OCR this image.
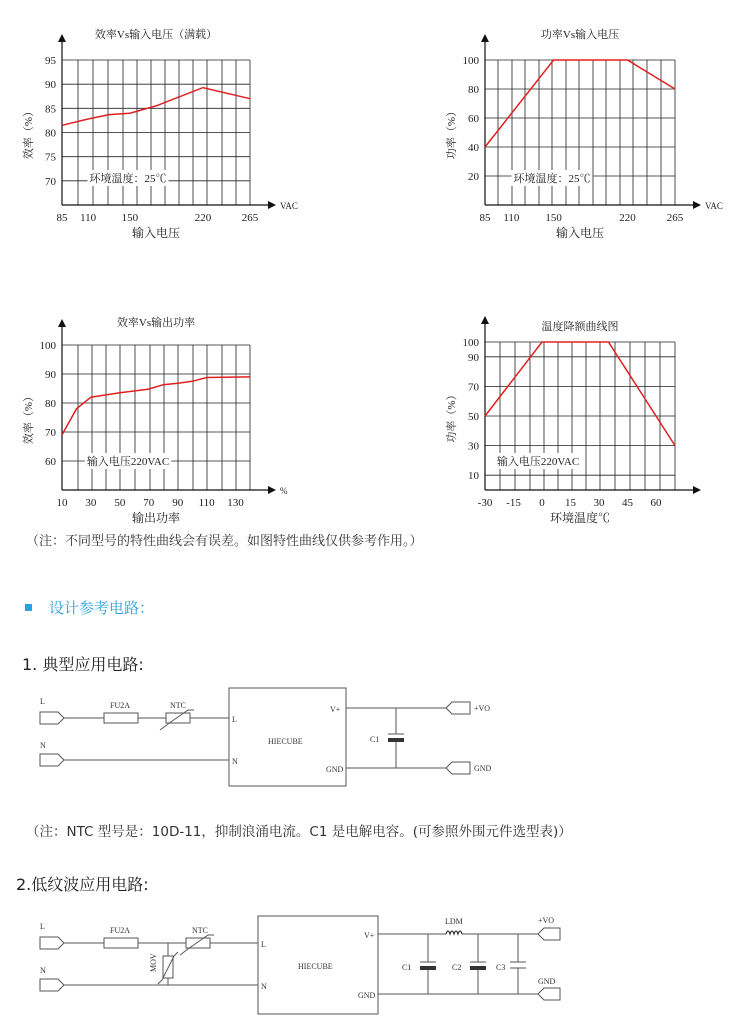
效率Vs输入电压（满载）
70
75
80
85
90
95
85 110 150	220	265
VAC
输入电压
效率（%）
环境温度：25℃
功率Vs输入电压
20
40
60
80
100
85 110 150	220	265
VAC
输入电压
功率（%）
环境温度：25℃
效率Vs输出功率
60
70
80
90
100
10 30 50 70 90 110 130
%
输出功率
效率（%）
输入电压220VAC
温度降额曲线图
10
30
50
70
90
100
-30 -15 0 15 30 45 60
环境温度℃
功率（%）
输入电压220VAC
（注：不同型号的特性曲线会有误差。如图特性曲线仅供参考作用。）
设计参考电路：
1. 典型应用电路:
L
N
FU2A	NTC
L
N
HIECUBE
V+
GND
C1
+VO
GND
（注：NTC 型号是：10D-11，抑制浪涌电流。C1 是电解电容。(可参照外围元件选型表)）
2.低纹波应用电路:
L
N
FU2A	NTC
MOV
L
N
HIECUBE
V+
GND
LDM
C1	C2	C3
+VO
GND
